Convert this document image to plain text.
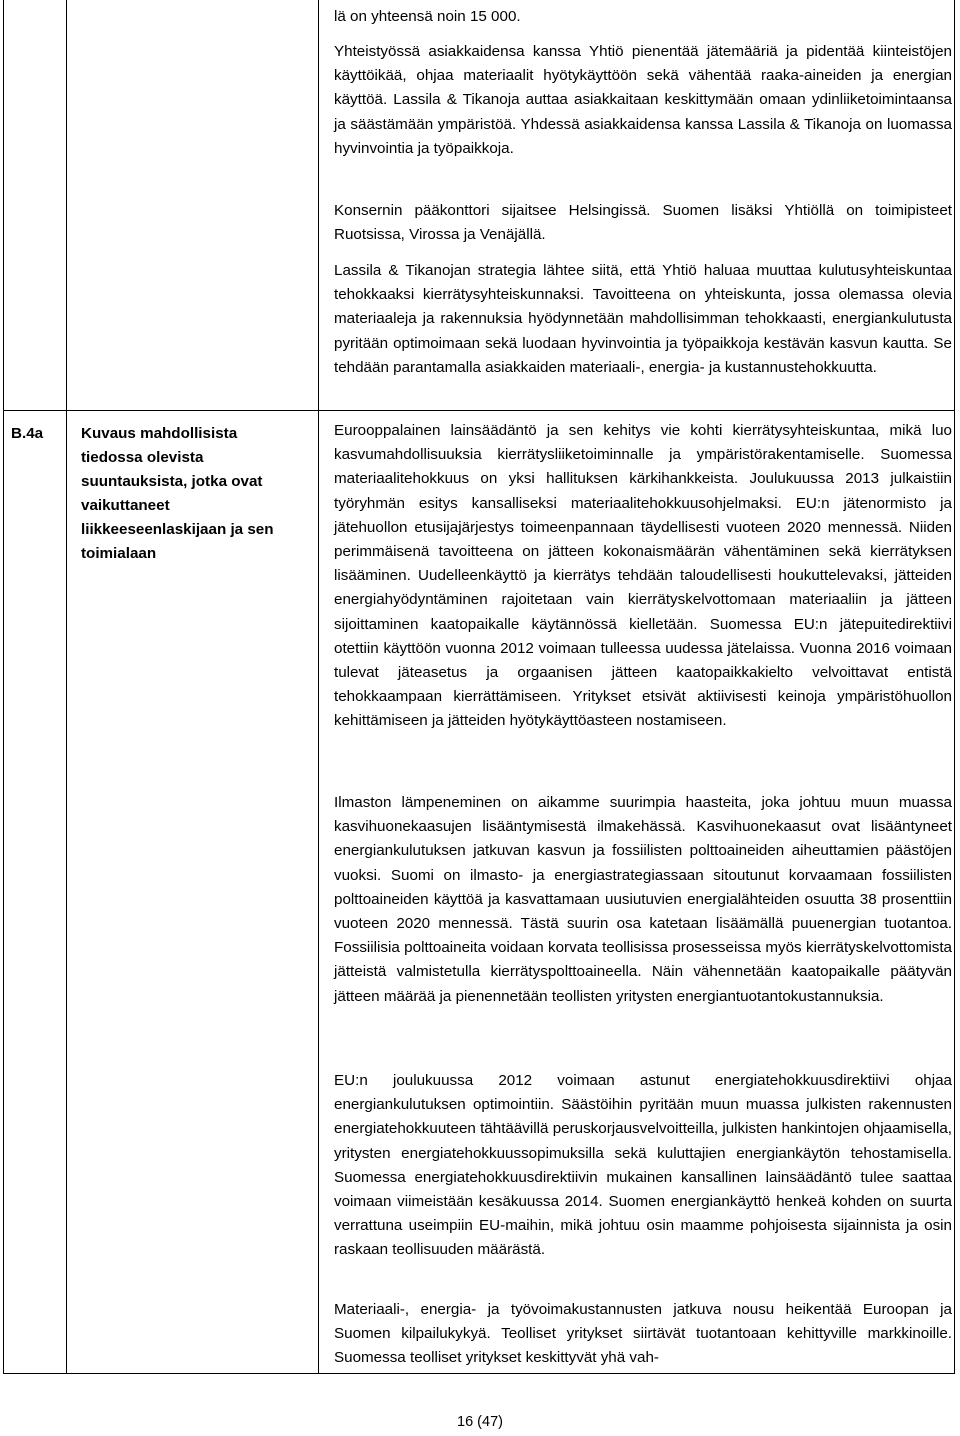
lä on yhteensä noin 15 000.

Yhteistyössä asiakkaidensa kanssa Yhtiö pienentää jätemääriä ja pidentää kiinteistöjen käyttöikää, ohjaa materiaalit hyötykäyttöön sekä vähentää raaka-aineiden ja energian käyttöä. Lassila & Tikanoja auttaa asiakkaitaan keskittymään omaan ydinliiketoimintaansa ja säästämään ympäristöä. Yhdessä asiakkaidensa kanssa Lassila & Tikanoja on luomassa hyvinvointia ja työpaikkoja.

Konsernin pääkonttori sijaitsee Helsingissä. Suomen lisäksi Yhtiöllä on toimipisteet Ruotsissa, Virossa ja Venäjällä.

Lassila & Tikanojan strategia lähtee siitä, että Yhtiö haluaa muuttaa kulutusyhteiskuntaa tehokkaaksi kierrätysyhteiskunnaksi. Tavoitteena on yhteiskunta, jossa olemassa olevia materiaaleja ja rakennuksia hyödynnetään mahdollisimman tehokkaasti, energiankulutusta pyritään optimoimaan sekä luodaan hyvinvointia ja työpaikkoja kestävän kasvun kautta. Se tehdään parantamalla asiakkaiden materiaali-, energia- ja kustannustehokkuutta.

B.4a Kuvaus mahdollisista tiedossa olevista suuntauksista, jotka ovat vaikuttaneet liikkeeseenlaskijaan ja sen toimialaan

Eurooppalainen lainsäädäntö ja sen kehitys vie kohti kierrätysyhteiskuntaa, mikä luo kasvumahdollisuuksia kierrätysliiketoiminnalle ja ympäristörakentamiselle. Suomessa materiaalitehokkuus on yksi hallituksen kärkihankkeista. Joulukuussa 2013 julkaistiin työryhmän esitys kansalliseksi materiaalitehokkuusohjelmaksi. EU:n jätenormisto ja jätehuollon etusijajärjestys toimeenpannaan täydellisesti vuoteen 2020 mennessä. Niiden perimmäisenä tavoitteena on jätteen kokonaismäärän vähentäminen sekä kierrätyksen lisääminen. Uudelleenkäyttö ja kierrätys tehdään taloudellisesti houkuttelevaksi, jätteiden energiahyödyntäminen rajoitetaan vain kierrätyskelvottomaan materiaaliin ja jätteen sijoittaminen kaatopaikalle käytännössä kielletään. Suomessa EU:n jätepuitedirektiivi otettiin käyttöön vuonna 2012 voimaan tulleessa uudessa jätelaissa. Vuonna 2016 voimaan tulevat jäteasetus ja orgaanisen jätteen kaatopaikkakielto velvoittavat entistä tehokkaampaan kierrättämiseen. Yritykset etsivät aktiivisesti keinoja ympäristöhuollon kehittämiseen ja jätteiden hyötykäyttöasteen nostamiseen.

Ilmaston lämpeneminen on aikamme suurimpia haasteita, joka johtuu muun muassa kasvihuonekaasujen lisääntymisestä ilmakehässä. Kasvihuonekaasut ovat lisääntyneet energiankulutuksen jatkuvan kasvun ja fossiilisten polttoaineiden aiheuttamien päästöjen vuoksi. Suomi on ilmasto- ja energiastrategiassaan sitoutunut korvaamaan fossiilisten polttoaineiden käyttöä ja kasvattamaan uusiutuvien energialähteiden osuutta 38 prosenttiin vuoteen 2020 mennessä. Tästä suurin osa katetaan lisäämällä puuenergian tuotantoa. Fossiilisia polttoaineita voidaan korvata teollisissa prosesseissa myös kierrätyskelvottomista jätteistä valmistetulla kierrätyspolttoaineella. Näin vähennetään kaatopaikalle päätyvän jätteen määrää ja pienennetään teollisten yritysten energiantuotantokustannuksia.

EU:n joulukuussa 2012 voimaan astunut energiatehokkuusdirektiivi ohjaa energiankulutuksen optimointiin. Säästöihin pyritään muun muassa julkisten rakennusten energiatehokkuuteen tähtäävillä peruskorjausvelvoitteilla, julkisten hankintojen ohjaamisella, yritysten energiatehokkuussopimuksilla sekä kuluttajien energiankäytön tehostamisella. Suomessa energiatehokkuusdirektiivin mukainen kansallinen lainsäädäntö tulee saattaa voimaan viimeistään kesäkuussa 2014. Suomen energiankäyttö henkeä kohden on suurta verrattuna useimpiin EU-maihin, mikä johtuu osin maamme pohjoisesta sijainnista ja osin raskaan teollisuuden määrästä.

Materiaali-, energia- ja työvoimakustannusten jatkuva nousu heikentää Euroopan ja Suomen kilpailukykyä. Teolliset yritykset siirtävät tuotantoaan kehittyville markkinoille. Suomessa teolliset yritykset keskittyvät yhä vah-

16 (47)
